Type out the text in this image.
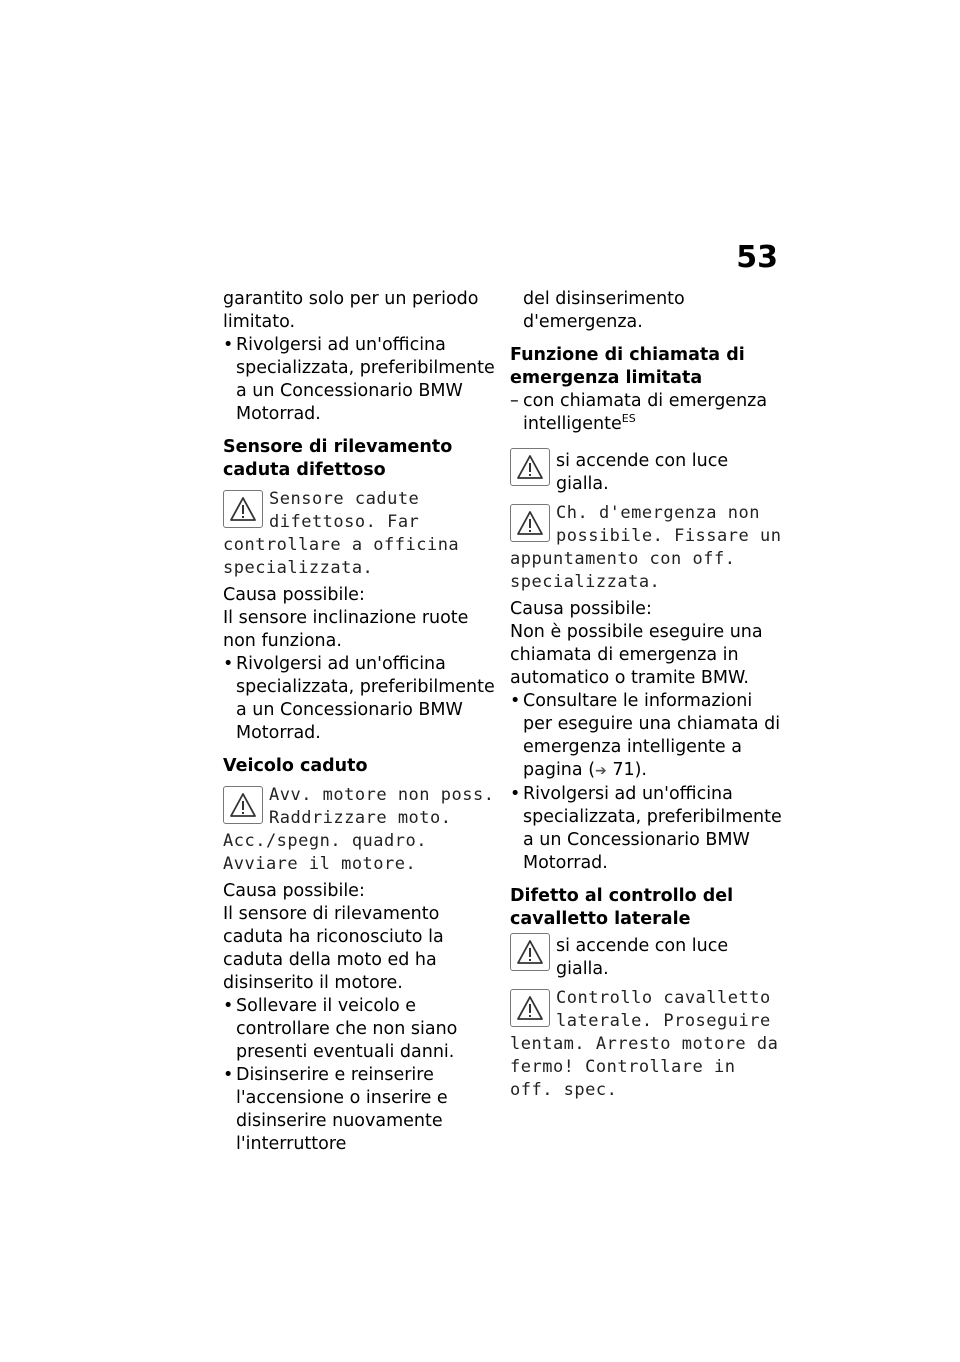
53

garantito solo per un periodo limitato.

• Rivolgersi ad un'officina specializzata, preferibilmente a un Concessionario BMW Motorrad.

Sensore di rilevamento caduta difettoso

Sensore cadute difettoso. Far controllare a officina specializzata.

Causa possibile:

Il sensore inclinazione ruote non funziona.

• Rivolgersi ad un'officina specializzata, preferibilmente a un Concessionario BMW Motorrad.

Veicolo caduto

Avv. motore non poss. Raddrizzare moto. Acc./spegn. quadro. Avviare il motore.

Causa possibile:

Il sensore di rilevamento caduta ha riconosciuto la caduta della moto ed ha disinserito il motore.

• Sollevare il veicolo e controllare che non siano presenti eventuali danni.

• Disinserire e reinserire l'accensione o inserire e disinserire nuovamente l'interruttore

del disinserimento d'emergenza.

Funzione di chiamata di emergenza limitata

– con chiamata di emergenza intelligente$^{ES}$

si accende con luce gialla.

Ch. d'emergenza non possibile. Fissare un appuntamento con off. specializzata.

Causa possibile:

Non è possibile eseguire una chiamata di emergenza in automatico o tramite BMW.

• Consultare le informazioni per eseguire una chiamata di emergenza intelligente a pagina (➔ 71).

• Rivolgersi ad un'officina specializzata, preferibilmente a un Concessionario BMW Motorrad.

Difetto al controllo del cavalletto laterale

si accende con luce gialla.

Controllo cavalletto laterale. Proseguire lentam. Arresto motore da fermo! Controllare in off. spec.
